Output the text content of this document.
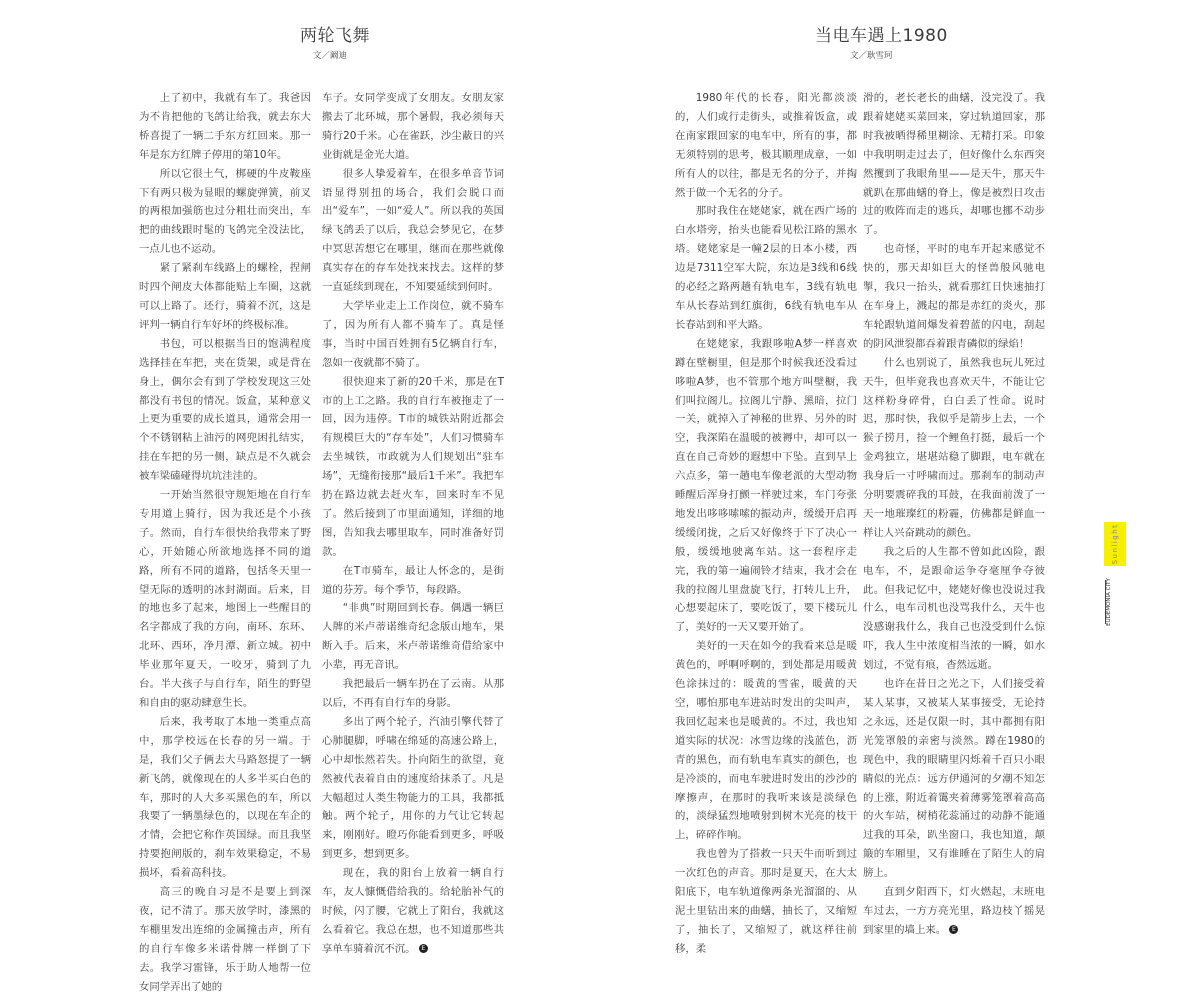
两轮飞舞
文／阚迪
当电车遇上1980
文／耿雪珂

上了初中，我就有车了。我爸因为不肯把他的飞鸽让给我，就去东大桥喜提了一辆二手东方红回来。那一年是东方红牌子停用的第10年。

所以它很土气，梆硬的牛皮鞍座下有两只极为显眼的螺旋弹簧，前叉的两根加强筋也过分粗壮而突出，车把的曲线跟时髦的飞鸽完全没法比，一点儿也不运动。

紧了紧刹车线路上的螺栓，捏闸时四个闸皮大体都能贴上车圈，这就可以上路了。还行，骑着不沉，这是评判一辆自行车好坏的终极标准。

书包，可以根据当日的饱满程度选择挂在车把，夹在货架，或是背在身上，偶尔会有到了学校发现这三处都没有书包的情况。饭盒，某种意义上更为重要的成长道具，通常会用一个不锈钢粘上油污的网兜困扎结实，挂在车把的另一侧，缺点是不久就会被车梁磕碰得坑坑洼洼的。

一开始当然很守规矩地在自行车专用道上骑行，因为我还是个小孩子。然而，自行车很快给我带来了野心，开始随心所欲地选择不同的道路，所有不同的道路，包括冬天里一望无际的透明的冰封湖面。后来，目的地也多了起来，地图上一些醒目的名字都成了我的方向，南环、东环、北环、西环，净月潭、新立城。初中毕业那年夏天，一咬牙，骑到了九台。半大孩子与自行车，陌生的野望和自由的驱动肆意生长。

后来，我考取了本地一类重点高中，那学校远在长春的另一端。于是，我们父子俩去大马路怒提了一辆新飞鸽，就像现在的人多半买白色的车，那时的人大多买黑色的车，所以我要了一辆墨绿色的，以现在车企的才情，会把它称作英国绿。而且我坚持要抱闸版的，刹车效果稳定，不易损坏，看着高科技。

高三的晚自习是不是要上到深夜，记不清了。那天放学时，漆黑的车棚里发出连绵的金属撞击声，所有的自行车像多米诺骨牌一样倒了下去。我学习雷锋，乐于助人地帮一位女同学弄出了她的

车子。女同学变成了女朋友。女朋友家搬去了北环城，那个暑假，我必须每天骑行20千米。心在雀跃，沙尘蔽日的兴业街就是金光大道。

很多人挚爱着车，在很多单音节词语显得别扭的场合，我们会脱口而出“爱车”，一如“爱人”。所以我的英国绿飞鸽丢了以后，我总会梦见它，在梦中冥思苦想它在哪里，继而在那些就像真实存在的存车处找来找去。这样的梦一直延续到现在，不知要延续到何时。

大学毕业走上工作岗位，就不骑车了，因为所有人都不骑车了。真是怪事，当时中国百姓拥有5亿辆自行车，忽如一夜就都不骑了。

很快迎来了新的20千米，那是在T市的上工之路。我的自行车被拖走了一回，因为违停。T市的城铁站附近都会有规模巨大的“存车处”，人们习惯骑车去坐城铁，市政就为人们规划出“驻车场”，无缝衔接那“最后1千米”。我把车扔在路边就去赶火车，回来时车不见了。然后接到了市里面通知，详细的地图，告知我去哪里取车，同时准备好罚款。

在T市骑车，最让人怀念的，是街道的芬芳。每个季节，每段路。

“非典”时期回到长春。偶遇一辆巨人牌的米卢蒂诺维奇纪念版山地车，果断入手。后来，米卢蒂诺维奇借给家中小辈，再无音讯。

我把最后一辆车扔在了云南。从那以后，不再有自行车的身影。

多出了两个轮子，汽油引擎代替了心肺腿脚，呼啸在绵延的高速公路上，心中却怅然若失。扑向陌生的欲望，竟然被代表着自由的速度给抹杀了。凡是大幅超过人类生物能力的工具，我都抵触。两个轮子，用你的力气让它转起来，刚刚好。瞪巧你能看到更多，呼吸到更多，想到更多。

现在，我的阳台上放着一辆自行车，友人慷慨借给我的。给轮胎补气的时候，闪了腰，它就上了阳台，我就这么看着它。我总在想，也不知道那些共享单车骑着沉不沉。 E

1980年代的长春，阳光都淡淡的，人们或行走街头，或推着饭盒，或在南家跟回家的电车中，所有的事，都无须特别的思考，极其顺理成章，一如所有人的以往，都是无名的分子，并掏然于做一个无名的分子。

那时我住在姥姥家，就在西广场的白水塔旁，抬头也能看见松江路的黑水塔。姥姥家是一幢2层的日本小楼，西边是7311空军大院，东边是3线和6线的必经之路两趟有轨电车，3线有轨电车从长春站到红旗街，6线有轨电车从长春站到和平大路。

在姥姥家，我跟哆啦A梦一样喜欢蹲在壁橱里，但是那个时候我还没看过哆啦A梦，也不管那个地方叫壁橱，我们叫拉阁儿。拉阁儿宁静、黑暗，拉门一关，就掉入了神秘的世界、另外的时空，我深陷在温暖的被褥中，却可以一直在自己奇妙的遐想中下坠。直到早上六点多，第一趟电车像老派的大型动物睡醒后浑身打颤一样驶过来，车门夸张地发出哆哆嗦嗦的振动声，缓缓开启再缓缓闭拢，之后又好像终于下了决心一般，缓缓地驶离车站。这一套程序走完，我的第一遍闹铃才结束，我才会在我的拉阁儿里盘旋飞行，打转儿上升，心想要起床了，要吃饭了，要下楼玩儿了，美好的一天又要开始了。

美好的一天在如今的我看来总是暖黄色的，呼啊呼啊的，到处都是用暖黄色涂抹过的：暖黄的雪雀，暖黄的天空，哪怕那电车进站时发出的尖叫声，我回忆起来也是暖黄的。不过，我也知道实际的状况：冰雪边缘的浅蓝色，沥青的黑色，而有轨电车真实的颜色，也是冷淡的，而电车驶进时发出的沙沙的摩擦声，在那时的我听来该是淡绿色的，淡绿猛烈地喷射到树木光亮的枝干上，碎碎作响。

我也曾为了搭救一只天牛而听到过一次红色的声音。那时是夏天，在大太阳底下，电车轨道像两条光溜溜的、从泥土里钻出来的曲蟮，抽长了，又缩短了，抽长了，又缩短了，就这样往前移，柔

滑的，老长老长的曲蟮，没完没了。我跟着姥姥买菜回来，穿过轨道回家，那时我被晒得稀里糊涂、无精打采。印象中我明明走过去了，但好像什么东西突然攫到了我眼角里——是天牛，那天牛就趴在那曲蟮的脊上，像是被烈日攻击过的败阵而走的逃兵，却哪也挪不动步了。

也奇怪，平时的电车开起来感觉不快的，那天却如巨大的怪兽般风驰电掣，我只一抬头，就看那红日快速抽打在车身上，溅起的都是赤红的炎火，那车轮跟轨道间爆发着碧蓝的闪电，刮起的阴风泄裂都吞着跟青磷似的绿焰！

什么也别说了，虽然我也玩儿死过天牛，但毕竟我也喜欢天牛，不能让它这样粉身碎骨，白白丢了性命。说时迟，那时快，我似乎是箭步上去，一个猴子捞月，捡一个鲤鱼打挺，最后一个金鸡独立，堪堪站稳了脚跟，电车就在我身后一寸呼啸而过。那刹车的制动声分明要震碎我的耳鼓，在我面前泼了一天一地璀璨红的粉霾，仿佛都是鲜血一样让人兴奋跳动的颜色。

我之后的人生都不曾如此凶险，跟电车，不，是跟命运争夺毫厘争夺彼此。但我记忆中，姥姥好像也没说过我什么，电车司机也没骂我什么，天牛也没感谢我什么，我自己也没受到什么惊吓，我人生中浓度相当浓的一瞬，如水划过，不觉有痕，杳然远逝。

也许在昔日之光之下，人们接受着某人某事，又被某人某事接受，无论持之永远，还是仅限一时，其中都拥有阳光笼罩般的亲密与淡然。蹲在1980的现色中，我的眼睛里闪烁着千百只小眼睛似的光点：远方伊通河的夕潮不知怎的上涨，附近着霭夹着薄雾笼罩着高高的火车站，树梢花蕊涌过的动静不能通过我的耳朵，趴坐窗口，我也知道，颠簸的车厢里，又有谁睡在了陌生人的肩膀上。

直到夕阳西下，灯火燃起，末班电车过去，一方方亮光里，路边枝丫摇晃到家里的墙上来。 E

Sunlight
EUDEMONIA CITY
